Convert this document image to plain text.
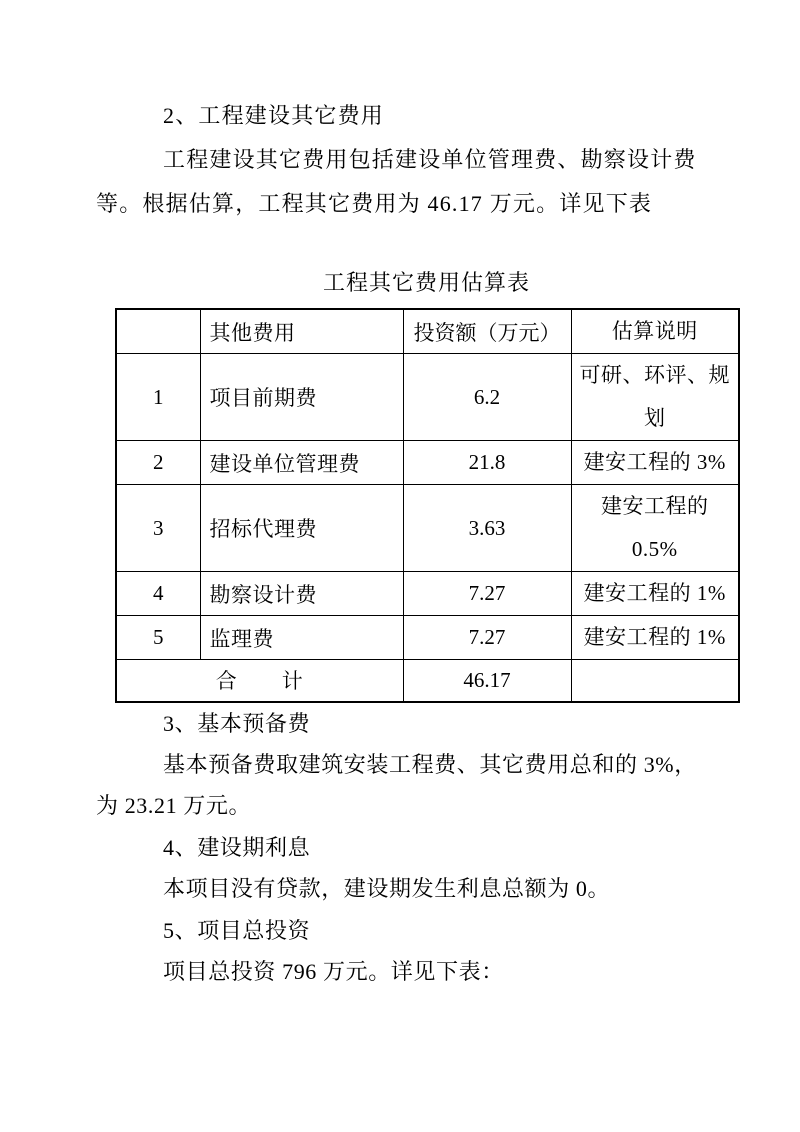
2、工程建设其它费用
工程建设其它费用包括建设单位管理费、勘察设计费
等。根据估算，工程其它费用为 46.17 万元。详见下表
工程其它费用估算表
	其他费用	投资额（万元）	估算说明
1	项目前期费	6.2	可研、环评、规
划

2	建设单位管理费	21.8	建安工程的 3%
3	招标代理费	3.63	建安工程的
0.5%

4	勘察设计费	7.27	建安工程的 1%
5	监理费	7.27	建安工程的 1%
合　　计		46.17	
3、基本预备费
基本预备费取建筑安装工程费、其它费用总和的 3%，
为 23.21 万元。
4、建设期利息
本项目没有贷款，建设期发生利息总额为 0。
5、项目总投资
项目总投资 796 万元。详见下表：
